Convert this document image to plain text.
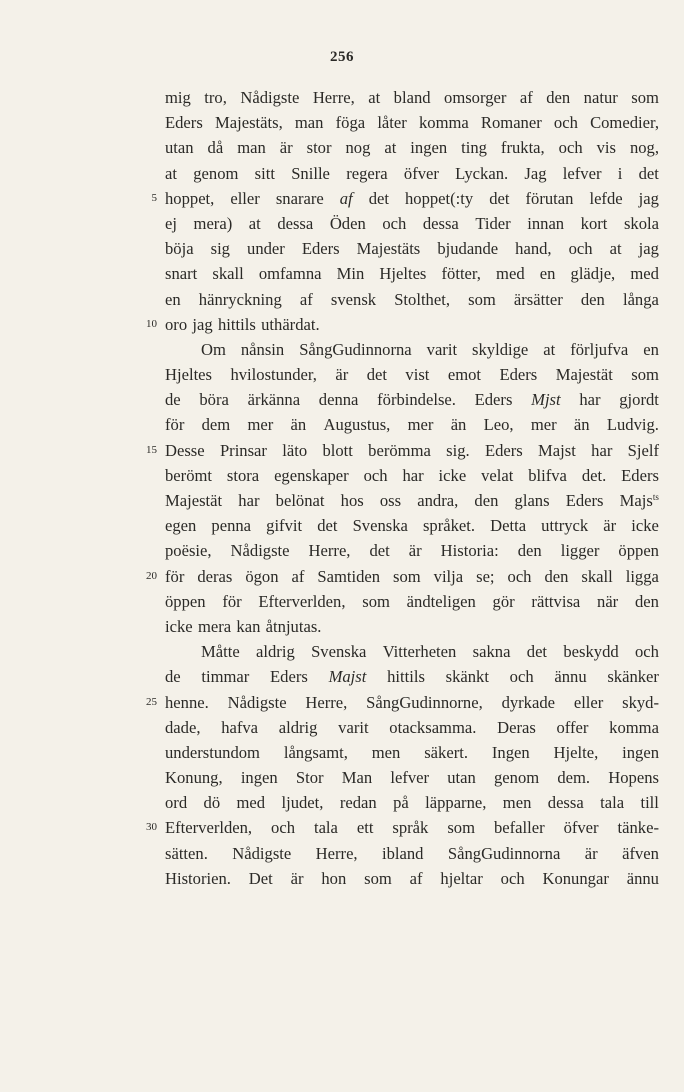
256
mig tro, Nådigste Herre, at bland omsorger af den natur som
Eders Majestäts, man föga låter komma Romaner och Comedier,
utan då man är stor nog at ingen ting frukta, och vis nog,
at genom sitt Snille regera öfver Lyckan. Jag lefver i det
hoppet, eller snarare af det hoppet(:ty det förutan lefde jag
5
ej mera) at dessa Öden och dessa Tider innan kort skola
böja sig under Eders Majestäts bjudande hand, och at jag
snart skall omfamna Min Hjeltes fötter, med en glädje, med
en hänryckning af svensk Stolthet, som ärsätter den långa
oro jag hittils uthärdat.
10
Om nånsin SångGudinnorna varit skyldige at förljufva en
Hjeltes hvilostunder, är det vist emot Eders Majestät som
de böra ärkänna denna förbindelse. Eders Mjst har gjordt
för dem mer än Augustus, mer än Leo, mer än Ludvig.
Desse Prinsar läto blott berömma sig. Eders Majst har Sjelf
15
berömt stora egenskaper och har icke velat blifva det. Eders
Majestät har belönat hos oss andra, den glans Eders Majs$^{ts}$
egen penna gifvit det Svenska språket. Detta uttryck är icke
poësie, Nådigste Herre, det är Historia: den ligger öppen
för deras ögon af Samtiden som vilja se; och den skall ligga
20
öppen för Efterverlden, som ändteligen gör rättvisa när den
icke mera kan åtnjutas.
Måtte aldrig Svenska Vitterheten sakna det beskydd och
de timmar Eders Majst hittils skänkt och ännu skänker
henne. Nådigste Herre, SångGudinnorne, dyrkade eller skyd-
25
dade, hafva aldrig varit otacksamma. Deras offer komma
understundom långsamt, men säkert. Ingen Hjelte, ingen
Konung, ingen Stor Man lefver utan genom dem. Hopens
ord dö med ljudet, redan på läpparne, men dessa tala till
Efterverlden, och tala ett språk som befaller öfver tänke-
30
sätten. Nådigste Herre, ibland SångGudinnorna är äfven
Historien. Det är hon som af hjeltar och Konungar ännu
